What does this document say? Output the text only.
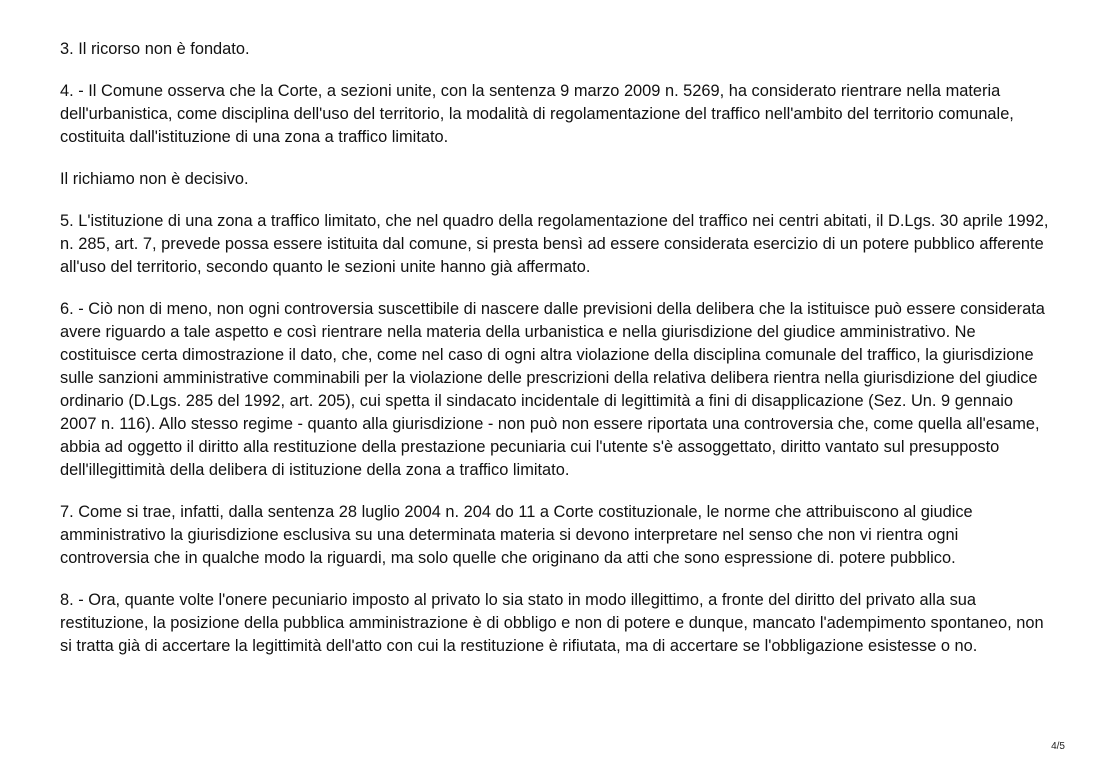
3. Il ricorso non è fondato.

4. - Il Comune osserva che la Corte, a sezioni unite, con la sentenza 9 marzo 2009 n. 5269, ha considerato rientrare nella materia dell'urbanistica, come disciplina dell'uso del territorio, la modalità di regolamentazione del traffico nell'ambito del territorio comunale, costituita dall'istituzione di una zona a traffico limitato.

Il richiamo non è decisivo.

5. L'istituzione di una zona a traffico limitato, che nel quadro della regolamentazione del traffico nei centri abitati, il D.Lgs. 30 aprile 1992, n. 285, art. 7, prevede possa essere istituita dal comune, si presta bensì ad essere considerata esercizio di un potere pubblico afferente all'uso del territorio, secondo quanto le sezioni unite hanno già affermato.

6. - Ciò non di meno, non ogni controversia suscettibile di nascere dalle previsioni della delibera che la istituisce può essere considerata avere riguardo a tale aspetto e così rientrare nella materia della urbanistica e nella giurisdizione del giudice amministrativo. Ne costituisce certa dimostrazione il dato, che, come nel caso di ogni altra violazione della disciplina comunale del traffico, la giurisdizione sulle sanzioni amministrative comminabili per la violazione delle prescrizioni della relativa delibera rientra nella giurisdizione del giudice ordinario (D.Lgs. 285 del 1992, art. 205), cui spetta il sindacato incidentale di legittimità a fini di disapplicazione (Sez. Un. 9 gennaio 2007 n. 116). Allo stesso regime - quanto alla giurisdizione - non può non essere riportata una controversia che, come quella all'esame, abbia ad oggetto il diritto alla restituzione della prestazione pecuniaria cui l'utente s'è assoggettato, diritto vantato sul presupposto dell'illegittimità della delibera di istituzione della zona a traffico limitato.

7. Come si trae, infatti, dalla sentenza 28 luglio 2004 n. 204 do 11 a Corte costituzionale, le norme che attribuiscono al giudice amministrativo la giurisdizione esclusiva su una determinata materia si devono interpretare nel senso che non vi rientra ogni controversia che in qualche modo la riguardi, ma solo quelle che originano da atti che sono espressione di. potere pubblico.

8. - Ora, quante volte l'onere pecuniario imposto al privato lo sia stato in modo illegittimo, a fronte del diritto del privato alla sua restituzione, la posizione della pubblica amministrazione è di obbligo e non di potere e dunque, mancato l'adempimento spontaneo, non si tratta già di accertare la legittimità dell'atto con cui la restituzione è rifiutata, ma di accertare se l'obbligazione esistesse o no.

4/5
